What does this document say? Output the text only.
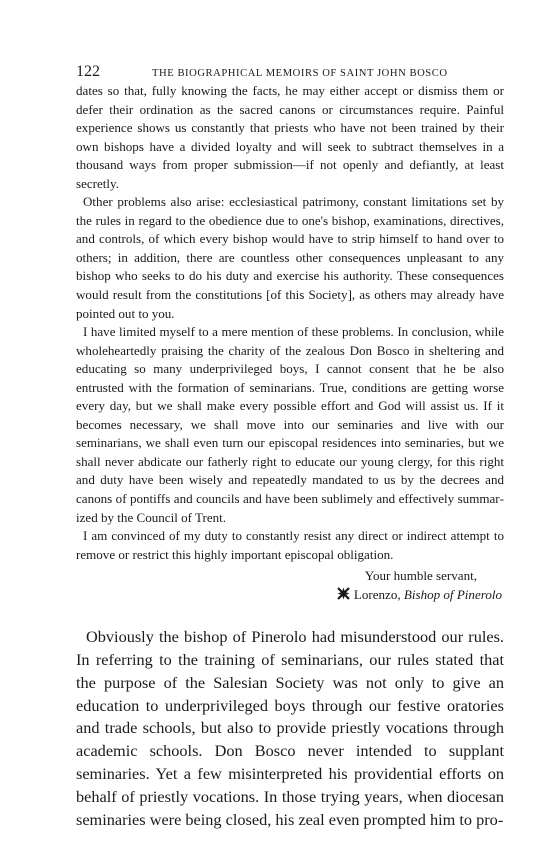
122	THE BIOGRAPHICAL MEMOIRS OF SAINT JOHN BOSCO

dates so that, fully knowing the facts, he may either accept or dismiss them or defer their ordination as the sacred canons or circumstances require. Painful experience shows us constantly that priests who have not been trained by their own bishops have a divided loyalty and will seek to subtract themselves in a thousand ways from proper submission—if not openly and defiantly, at least secretly.

Other problems also arise: ecclesiastical patrimony, constant limitations set by the rules in regard to the obedience due to one's bishop, examinations, directives, and controls, of which every bishop would have to strip himself to hand over to others; in addition, there are countless other consequences unpleasant to any bishop who seeks to do his duty and exercise his authority. These consequences would result from the constitutions [of this Society], as others may already have pointed out to you.

I have limited myself to a mere mention of these problems. In conclusion, while wholeheartedly praising the charity of the zealous Don Bosco in sheltering and educating so many underprivileged boys, I cannot consent that he be also entrusted with the formation of seminarians. True, conditions are getting worse every day, but we shall make every possible effort and God will assist us. If it becomes necessary, we shall move into our seminaries and live with our seminarians, we shall even turn our episcopal residences into seminaries, but we shall never abdicate our fatherly right to educate our young clergy, for this right and duty have been wisely and repeatedly mandated to us by the decrees and canons of pontiffs and councils and have been sublimely and effectively summarized by the Council of Trent.

I am convinced of my duty to constantly resist any direct or indirect attempt to remove or restrict this highly important episcopal obligation.

Your humble servant,
Lorenzo, Bishop of Pinerolo

Obviously the bishop of Pinerolo had misunderstood our rules. In referring to the training of seminarians, our rules stated that the purpose of the Salesian Society was not only to give an education to underprivileged boys through our festive oratories and trade schools, but also to provide priestly vocations through academic schools. Don Bosco never intended to supplant seminaries. Yet a few misinterpreted his providential efforts on behalf of priestly vocations. In those trying years, when diocesan seminaries were being closed, his zeal even prompted him to pro-
